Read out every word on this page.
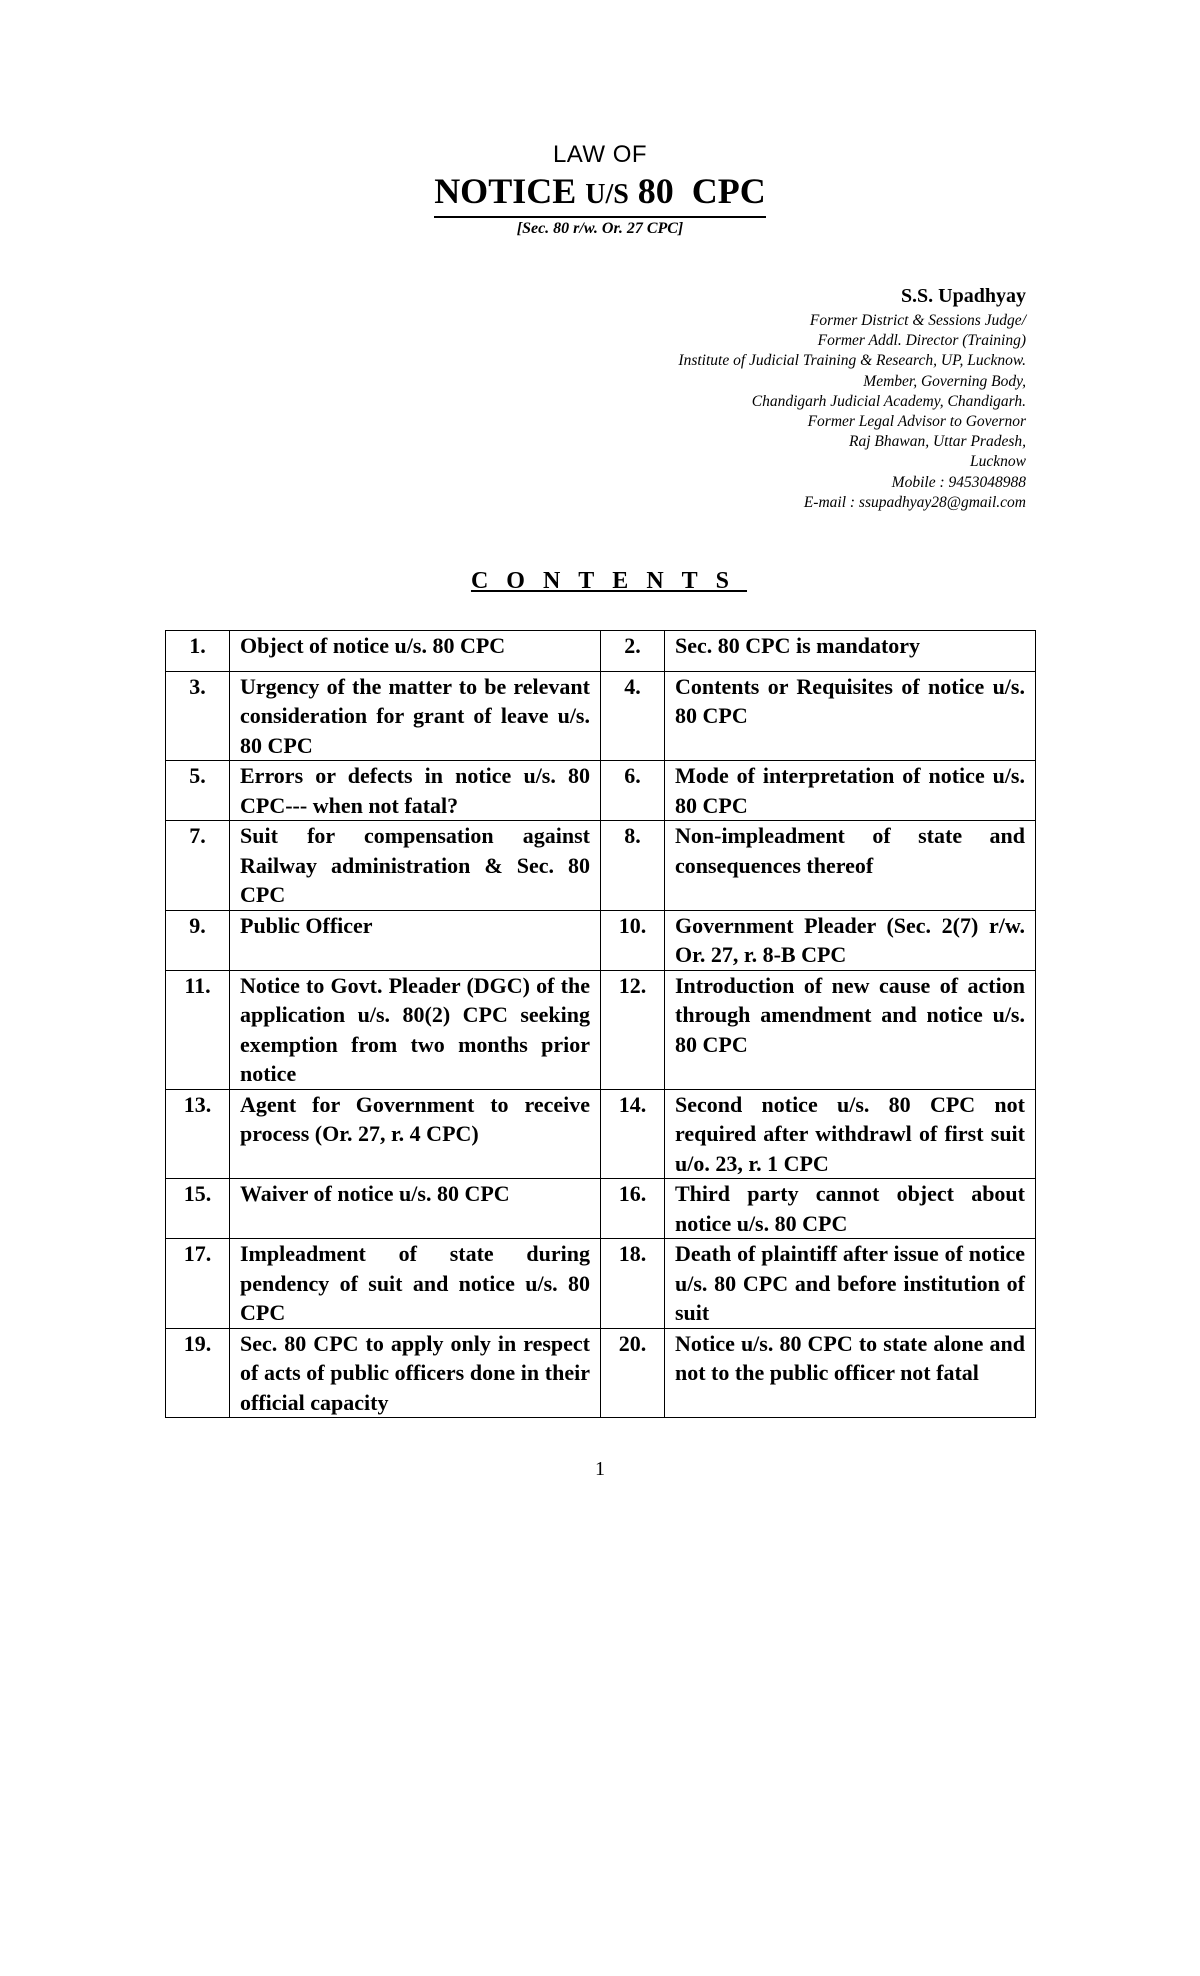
LAW OF
NOTICE U/S 80  CPC
[Sec. 80 r/w. Or. 27 CPC]
S.S. Upadhyay
Former District & Sessions Judge/
Former Addl. Director (Training)
Institute of Judicial Training & Research, UP, Lucknow.
Member, Governing Body,
Chandigarh Judicial Academy, Chandigarh.
Former Legal Advisor to Governor
Raj Bhawan, Uttar Pradesh,
Lucknow
Mobile : 9453048988
E-mail : ssupadhyay28@gmail.com
CONTENTS
1.	Object of notice u/s. 80 CPC	2.	Sec. 80 CPC is mandatory
3.	Urgency of the matter to be relevant consideration for grant of leave u/s. 80 CPC	4.	Contents or Requisites of notice u/s. 80 CPC
5.	Errors or defects in notice u/s. 80 CPC--- when not fatal?	6.	Mode of interpretation of notice u/s. 80 CPC
7.	Suit for compensation against Railway administration & Sec. 80 CPC	8.	Non-impleadment of state and consequences thereof
9.	Public Officer	10.	Government Pleader (Sec. 2(7) r/w. Or. 27, r. 8-B CPC
11.	Notice to Govt. Pleader (DGC) of the application u/s. 80(2) CPC seeking exemption from two months prior notice	12.	Introduction of new cause of action through amendment and notice u/s. 80 CPC
13.	Agent for Government to receive process (Or. 27, r. 4 CPC)	14.	Second notice u/s. 80 CPC not required after withdrawl of first suit u/o. 23, r. 1 CPC
15.	Waiver of notice u/s. 80 CPC	16.	Third party cannot object about notice u/s. 80 CPC
17.	Impleadment of state during pendency of suit and notice u/s. 80 CPC	18.	Death of plaintiff after issue of notice u/s. 80 CPC and before institution of suit
19.	Sec. 80 CPC to apply only in respect of acts of public officers done in their official capacity	20.	Notice u/s. 80 CPC to state alone and not to the public officer not fatal
1
